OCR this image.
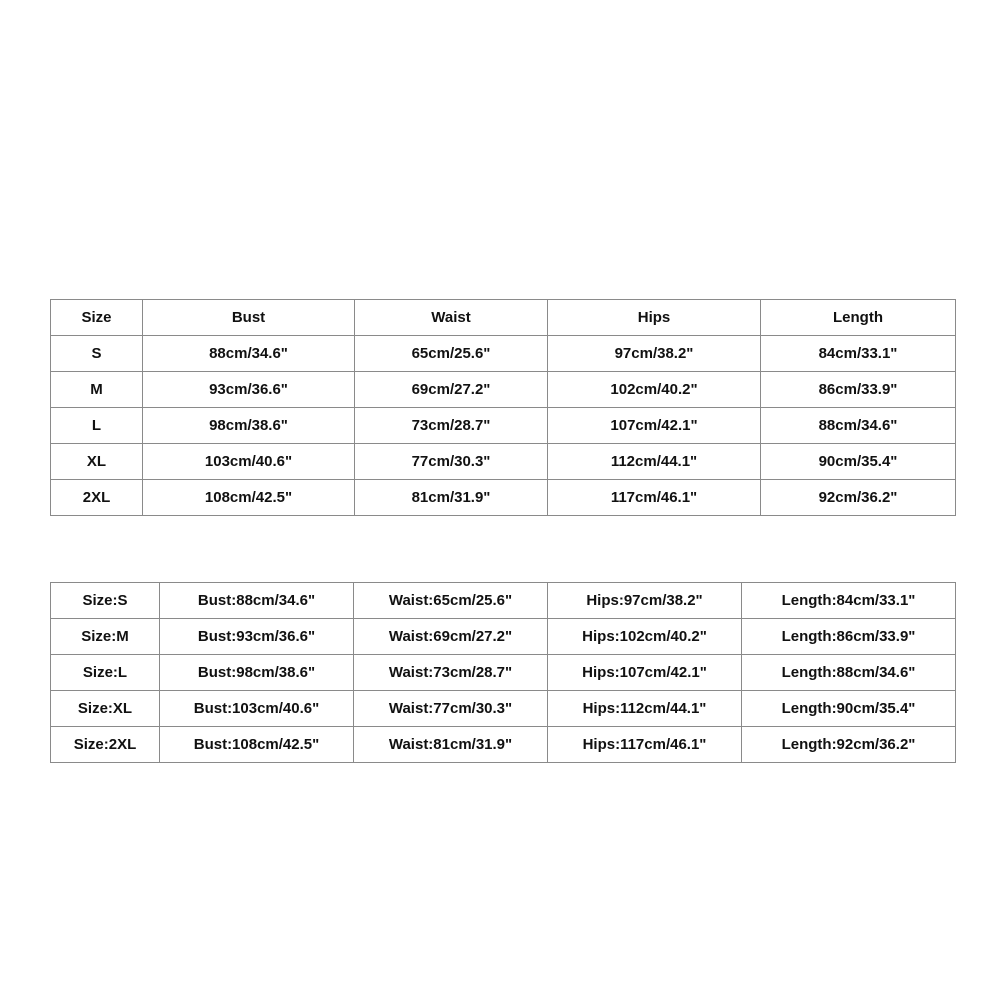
Size	Bust	Waist	Hips	Length
S	88cm/34.6"	65cm/25.6"	97cm/38.2"	84cm/33.1"
M	93cm/36.6"	69cm/27.2"	102cm/40.2"	86cm/33.9"
L	98cm/38.6"	73cm/28.7"	107cm/42.1"	88cm/34.6"
XL	103cm/40.6"	77cm/30.3"	112cm/44.1"	90cm/35.4"
2XL	108cm/42.5"	81cm/31.9"	117cm/46.1"	92cm/36.2"
Size:S	Bust:88cm/34.6"	Waist:65cm/25.6"	Hips:97cm/38.2"	Length:84cm/33.1"
Size:M	Bust:93cm/36.6"	Waist:69cm/27.2"	Hips:102cm/40.2"	Length:86cm/33.9"
Size:L	Bust:98cm/38.6"	Waist:73cm/28.7"	Hips:107cm/42.1"	Length:88cm/34.6"
Size:XL	Bust:103cm/40.6"	Waist:77cm/30.3"	Hips:112cm/44.1"	Length:90cm/35.4"
Size:2XL	Bust:108cm/42.5"	Waist:81cm/31.9"	Hips:117cm/46.1"	Length:92cm/36.2"
